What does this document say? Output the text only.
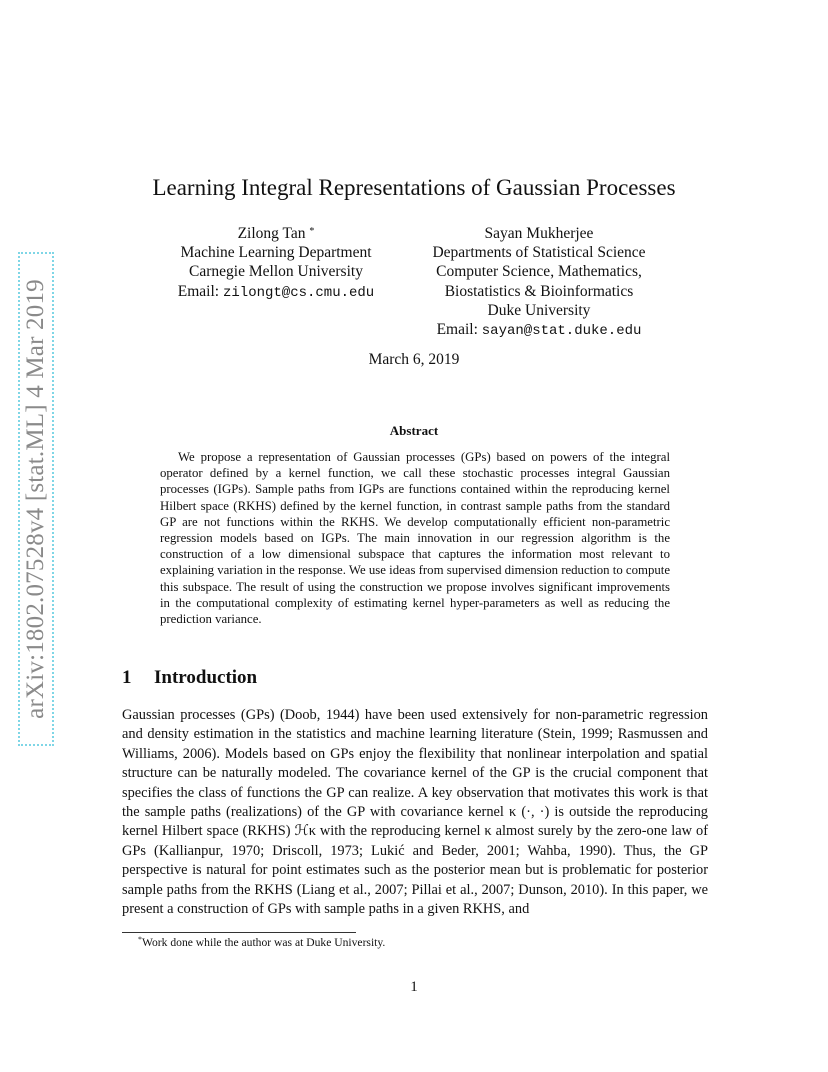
arXiv:1802.07528v4 [stat.ML] 4 Mar 2019
Learning Integral Representations of Gaussian Processes
Zilong Tan *
Machine Learning Department
Carnegie Mellon University
Email: zilongt@cs.cmu.edu
Sayan Mukherjee
Departments of Statistical Science
Computer Science, Mathematics,
Biostatistics & Bioinformatics
Duke University
Email: sayan@stat.duke.edu
March 6, 2019
Abstract
We propose a representation of Gaussian processes (GPs) based on powers of the integral operator defined by a kernel function, we call these stochastic processes integral Gaussian processes (IGPs). Sample paths from IGPs are functions contained within the reproducing kernel Hilbert space (RKHS) defined by the kernel function, in contrast sample paths from the standard GP are not functions within the RKHS. We develop computationally efficient non-parametric regression models based on IGPs. The main innovation in our regression algorithm is the construction of a low dimensional subspace that captures the information most relevant to explaining variation in the response. We use ideas from supervised dimension reduction to compute this subspace. The result of using the construction we propose involves significant improvements in the computational complexity of estimating kernel hyper-parameters as well as reducing the prediction variance.
1 Introduction
Gaussian processes (GPs) (Doob, 1944) have been used extensively for non-parametric regression and density estimation in the statistics and machine learning literature (Stein, 1999; Rasmussen and Williams, 2006). Models based on GPs enjoy the flexibility that nonlinear interpolation and spatial structure can be naturally modeled. The covariance kernel of the GP is the crucial component that specifies the class of functions the GP can realize. A key observation that motivates this work is that the sample paths (realizations) of the GP with covariance kernel κ (·, ·) is outside the reproducing kernel Hilbert space (RKHS) ℋκ with the reproducing kernel κ almost surely by the zero-one law of GPs (Kallianpur, 1970; Driscoll, 1973; Lukić and Beder, 2001; Wahba, 1990). Thus, the GP perspective is natural for point estimates such as the posterior mean but is problematic for posterior sample paths from the RKHS (Liang et al., 2007; Pillai et al., 2007; Dunson, 2010). In this paper, we present a construction of GPs with sample paths in a given RKHS, and
*Work done while the author was at Duke University.
1
